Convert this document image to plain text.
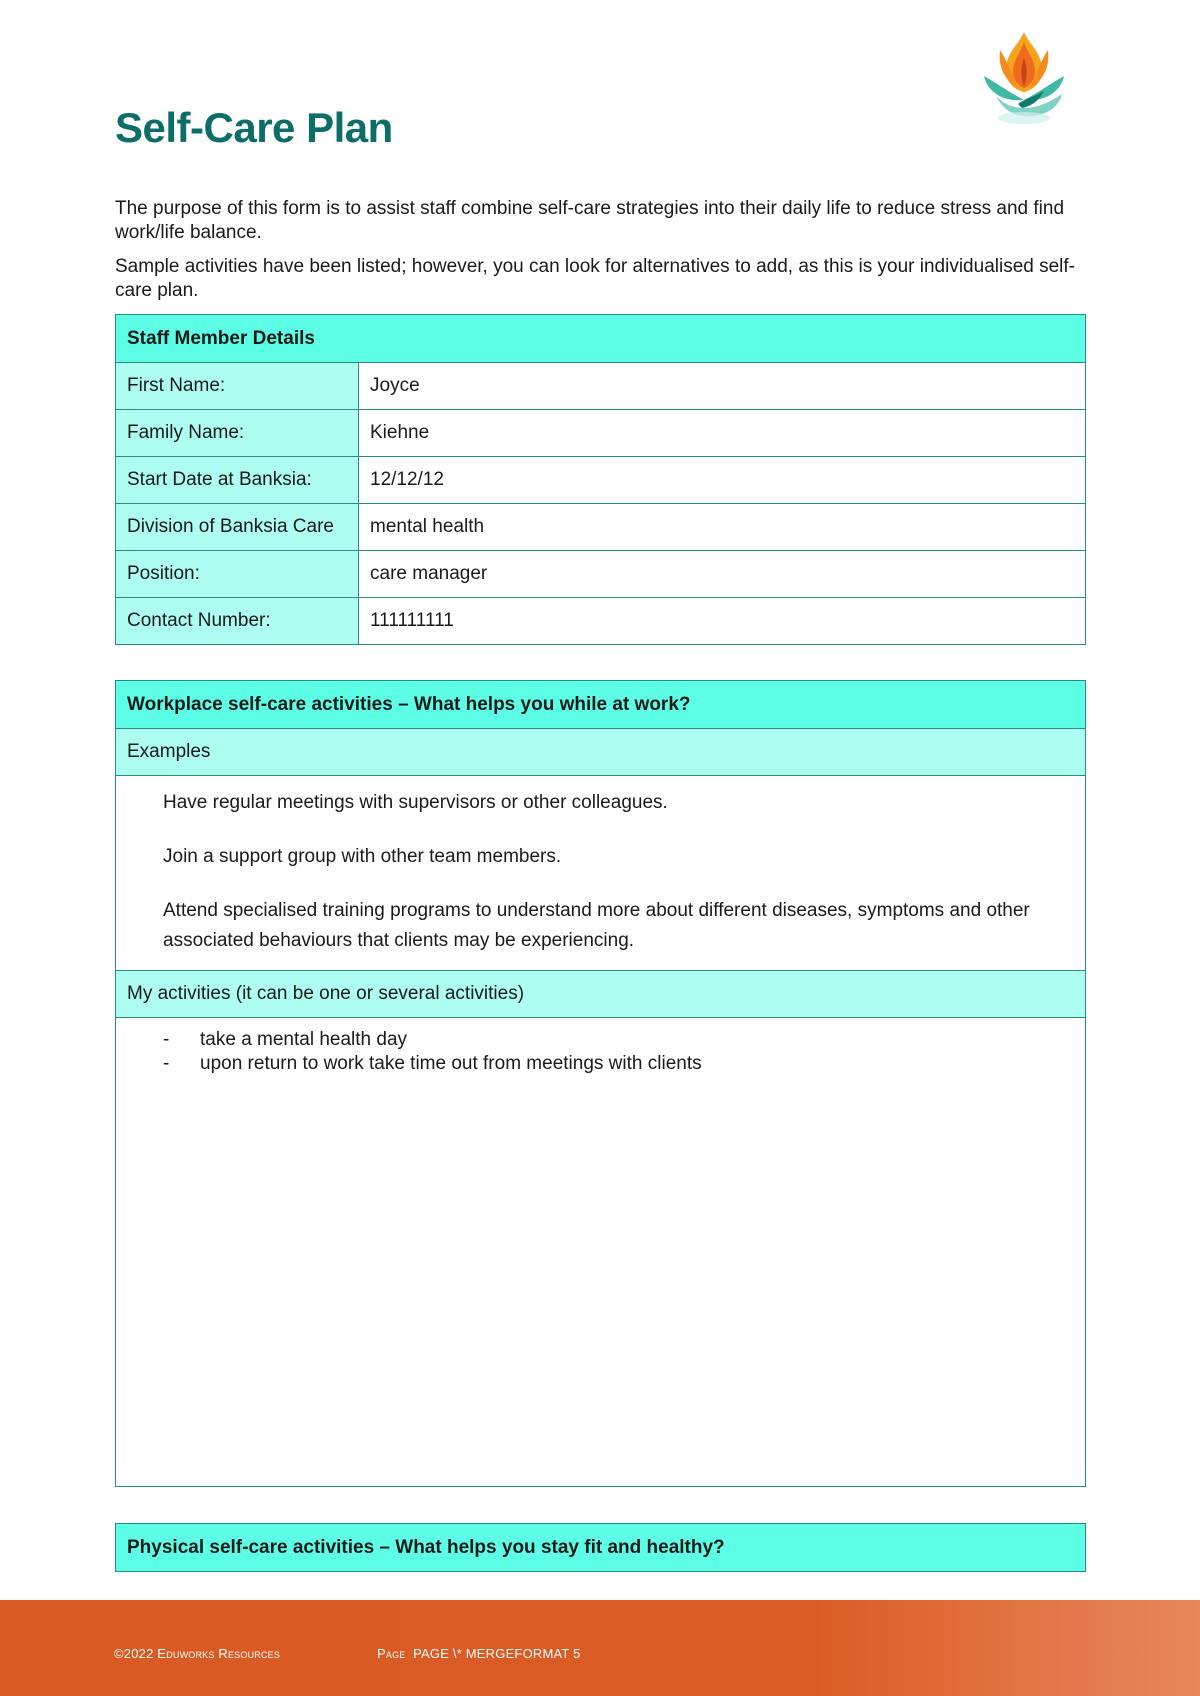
Self-Care Plan

The purpose of this form is to assist staff combine self-care strategies into their daily life to reduce stress and find work/life balance.

Sample activities have been listed; however, you can look for alternatives to add, as this is your individualised self-care plan.

Staff Member Details	
First Name:	Joyce
Family Name:	Kiehne
Start Date at Banksia:	12/12/12
Division of Banksia Care	mental health
Position:	care manager
Contact Number:	111111111
Workplace self-care activities – What helps you while at work?
Examples

Have regular meetings with supervisors or other colleagues.

Join a support group with other team members.

Attend specialised training programs to understand more about different diseases, symptoms and other associated behaviours that clients may be experiencing.

My activities (it can be one or several activities)

-	take a mental health day
-	upon return to work take time out from meetings with clients
Physical self-care activities – What helps you stay fit and healthy?
©2022 Eduworks Resources	Page PAGE \* MERGEFORMAT 5
